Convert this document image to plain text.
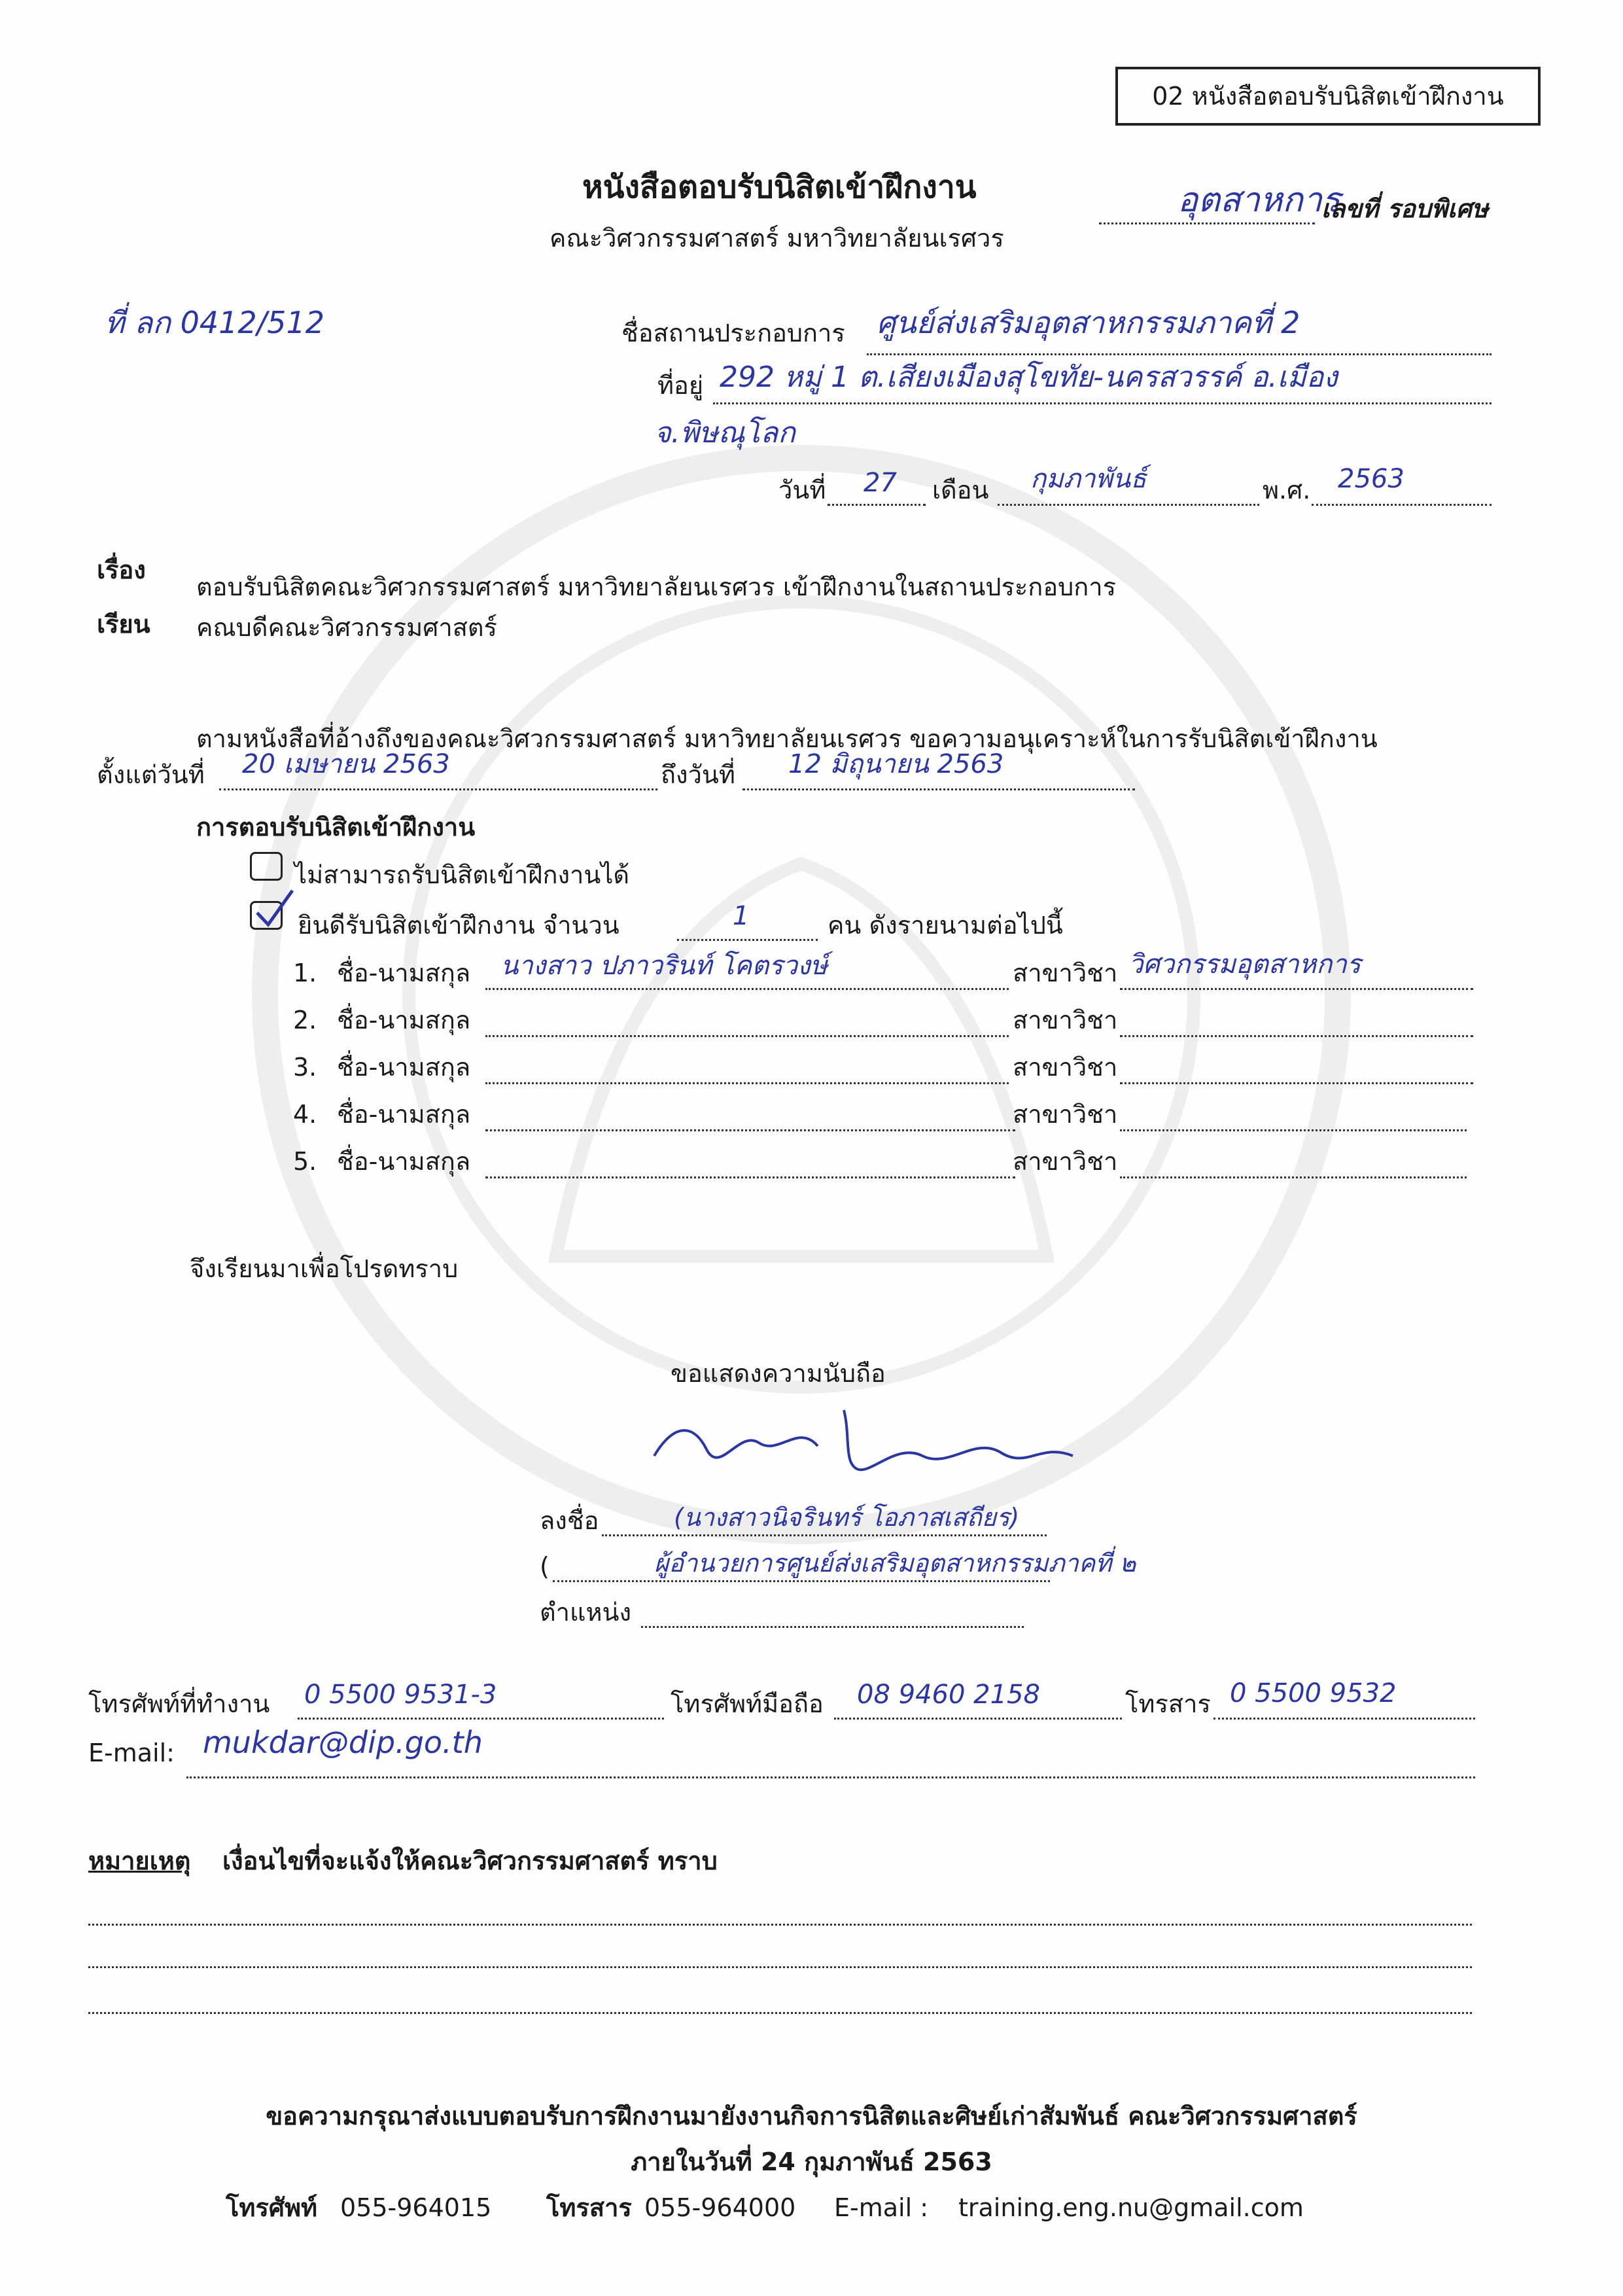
02 หนังสือตอบรับนิสิตเข้าฝึกงาน
หนังสือตอบรับนิสิตเข้าฝึกงาน
คณะวิศวกรรมศาสตร์ มหาวิทยาลัยนเรศวร
อุตสาหการ
เลขที่ รอบพิเศษ
ที่ ลก 0412/512	ชื่อสถานประกอบการ ศูนย์ส่งเสริมอุตสาหกรรมภาคที่ 2
ที่อยู่ 292 หมู่ 1 ต.เสียงเมืองสุโขทัย-นครสวรรค์ อ.เมือง
จ.พิษณุโลก
วันที่ 27 เดือน กุมภาพันธ์	พ.ศ. 2563
เรื่อง
ตอบรับนิสิตคณะวิศวกรรมศาสตร์ มหาวิทยาลัยนเรศวร เข้าฝึกงานในสถานประกอบการ
เรียน คณบดีคณะวิศวกรรมศาสตร์
ตามหนังสือที่อ้างถึงของคณะวิศวกรรมศาสตร์ มหาวิทยาลัยนเรศวร ขอความอนุเคราะห์ในการรับนิสิตเข้าฝึกงาน
ตั้งแต่วันที่ 20 เมษายน 2563	ถึงวันที่ 12 มิถุนายน 2563
การตอบรับนิสิตเข้าฝึกงาน
ไม่สามารถรับนิสิตเข้าฝึกงานได้
ยินดีรับนิสิตเข้าฝึกงาน จำนวน	1	คน ดังรายนามต่อไปนี้
1. ชื่อ-นามสกุล นางสาว ปภาวรินท์ โคตรวงษ์	สาขาวิชา วิศวกรรมอุตสาหการ
2. ชื่อ-นามสกุล	สาขาวิชา
3. ชื่อ-นามสกุล	สาขาวิชา
4. ชื่อ-นามสกุล	สาขาวิชา
5. ชื่อ-นามสกุล	สาขาวิชา
จึงเรียนมาเพื่อโปรดทราบ
ขอแสดงความนับถือ
ลงชื่อ	(นางสาวนิจรินทร์ โอภาสเสถียร)
(	ผู้อำนวยการศูนย์ส่งเสริมอุตสาหกรรมภาคที่ ๒
ตำแหน่ง
โทรศัพท์ที่ทำงาน 0 5500 9531-3	โทรศัพท์มือถือ 08 9460 2158	โทรสาร 0 5500 9532
E-mail: mukdar@dip.go.th
หมายเหตุ เงื่อนไขที่จะแจ้งให้คณะวิศวกรรมศาสตร์ ทราบ
ขอความกรุณาส่งแบบตอบรับการฝึกงานมายังงานกิจการนิสิตและศิษย์เก่าสัมพันธ์ คณะวิศวกรรมศาสตร์
ภายในวันที่ 24 กุมภาพันธ์ 2563
โทรศัพท์ 055-964015 โทรสาร 055-964000 E-mail : training.eng.nu@gmail.com
